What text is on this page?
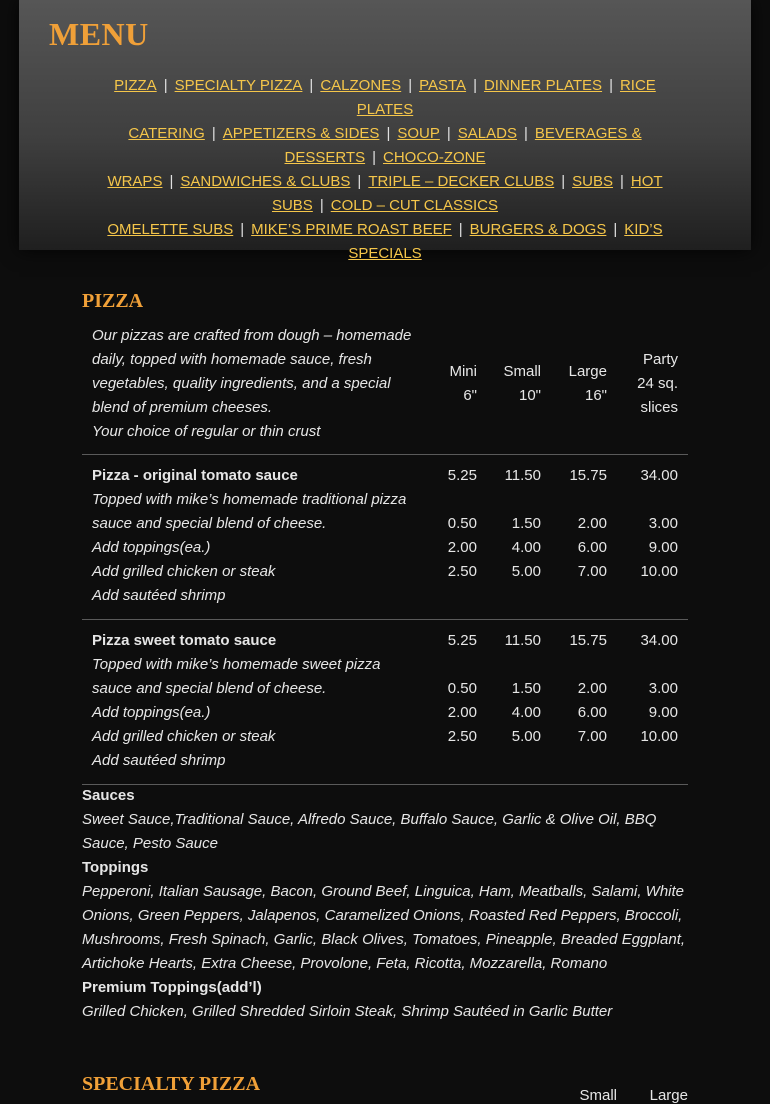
MENU
PIZZA | SPECIALTY PIZZA | CALZONES | PASTA | DINNER PLATES | RICE PLATES
CATERING | APPETIZERS & SIDES | SOUP | SALADS | BEVERAGES & DESSERTS | CHOCO-ZONE
WRAPS | SANDWICHES & CLUBS | TRIPLE – DECKER CLUBS | SUBS | HOT SUBS | COLD – CUT CLASSICS
OMELETTE SUBS | MIKE’S PRIME ROAST BEEF | BURGERS & DOGS | KID’S SPECIALS
PIZZA
Our pizzas are crafted from dough – homemade daily, topped with homemade sauce, fresh vegetables, quality ingredients, and a special blend of premium cheeses.
Your choice of regular or thin crust
Mini
6"
Small
10"
Large
16"
Party
24 sq.
slices
Pizza - original tomato sauce
Topped with mike’s homemade traditional pizza sauce and special blend of cheese.
Add toppings(ea.)
Add grilled chicken or steak
Add sautéed shrimp
5.25
0.50
2.00
2.50
11.50
1.50
4.00
5.00
15.75
2.00
6.00
7.00
34.00
3.00
9.00
10.00
Pizza sweet tomato sauce
Topped with mike’s homemade sweet pizza sauce and special blend of cheese.
Add toppings(ea.)
Add grilled chicken or steak
Add sautéed shrimp
5.25
0.50
2.00
2.50
11.50
1.50
4.00
5.00
15.75
2.00
6.00
7.00
34.00
3.00
9.00
10.00
Sauces
Sweet Sauce,Traditional Sauce, Alfredo Sauce, Buffalo Sauce, Garlic & Olive Oil, BBQ Sauce, Pesto Sauce
Toppings
Pepperoni, Italian Sausage, Bacon, Ground Beef, Linguica, Ham, Meatballs, Salami, White Onions, Green Peppers, Jalapenos, Caramelized Onions, Roasted Red Peppers, Broccoli, Mushrooms, Fresh Spinach, Garlic, Black Olives, Tomatoes, Pineapple, Breaded Eggplant, Artichoke Hearts, Extra Cheese, Provolone, Feta, Ricotta, Mozzarella, Romano
Premium Toppings(add’l)
Grilled Chicken, Grilled Shredded Sirloin Steak, Shrimp Sautéed in Garlic Butter
SPECIALTY PIZZA
Small	Large
